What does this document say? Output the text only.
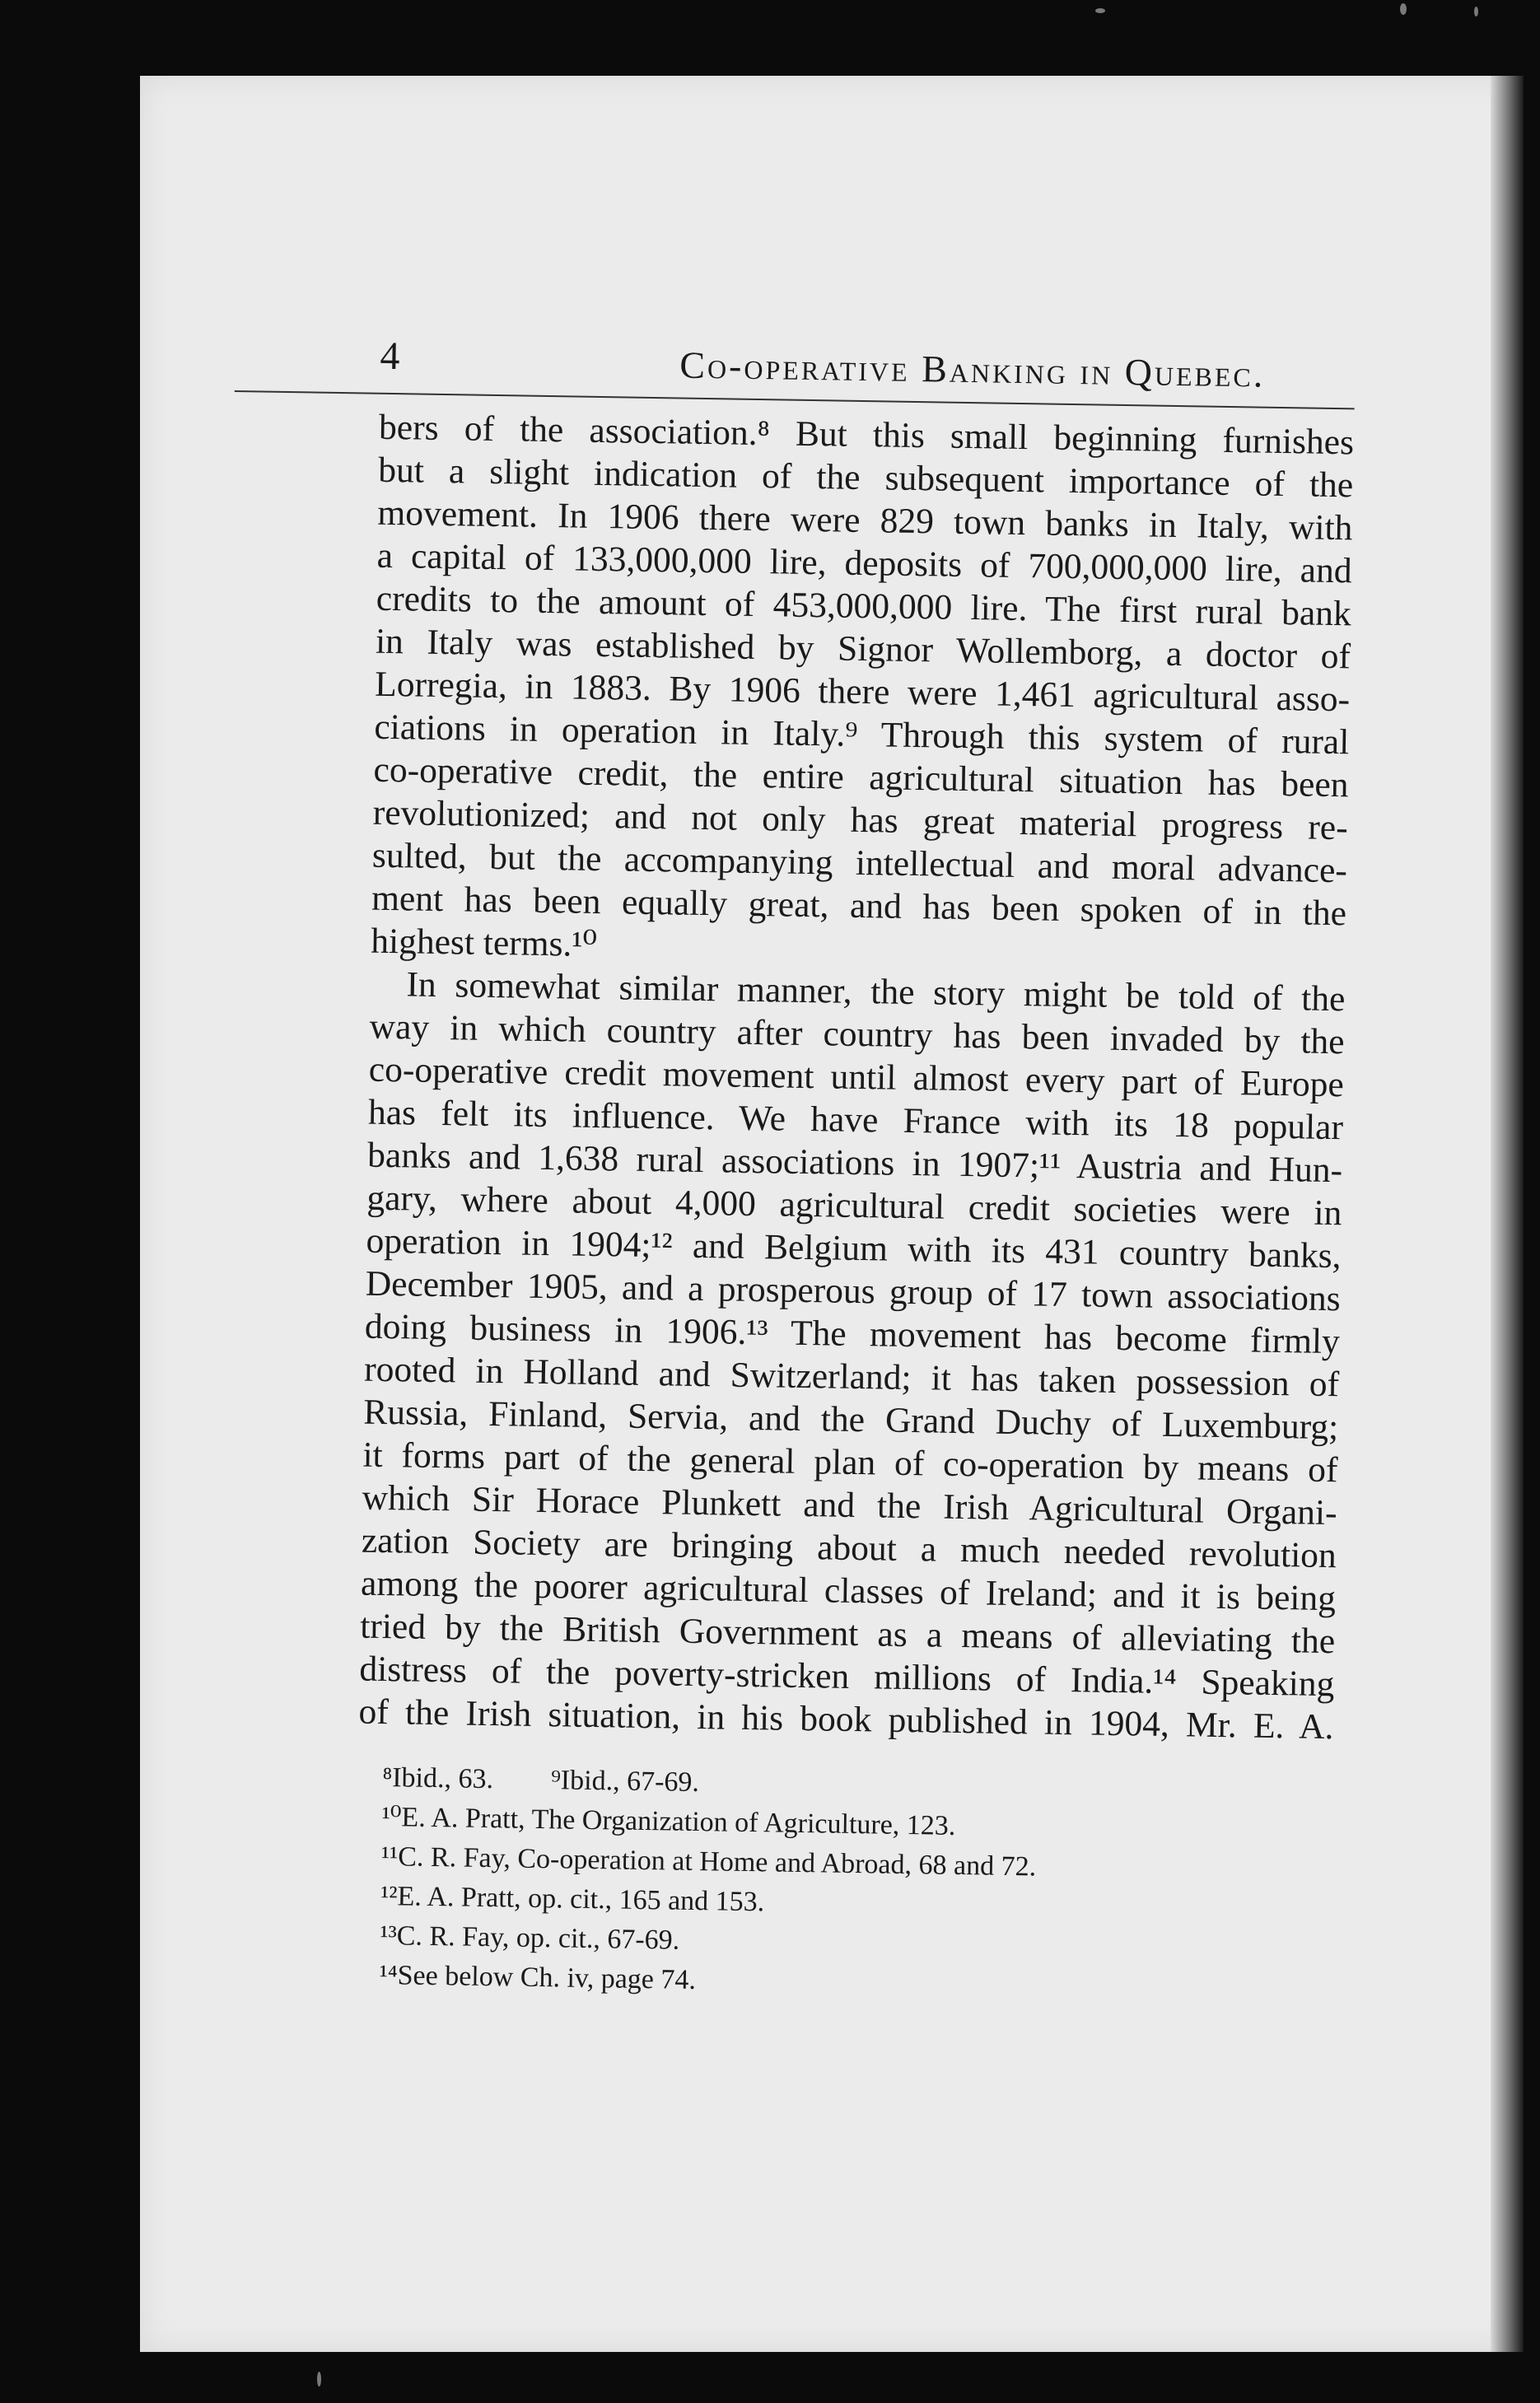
4	Co-operative Banking in Quebec.

bers of the association.⁸ But this small beginning furnishes

but a slight indication of the subsequent importance of the

movement. In 1906 there were 829 town banks in Italy, with

a capital of 133,000,000 lire, deposits of 700,000,000 lire, and

credits to the amount of 453,000,000 lire. The first rural bank

in Italy was established by Signor Wollemborg, a doctor of

Lorregia, in 1883. By 1906 there were 1,461 agricultural asso-

ciations in operation in Italy.⁹ Through this system of rural

co-operative credit, the entire agricultural situation has been

revolutionized; and not only has great material progress re-

sulted, but the accompanying intellectual and moral advance-

ment has been equally great, and has been spoken of in the

highest terms.¹⁰

In somewhat similar manner, the story might be told of the

way in which country after country has been invaded by the

co-operative credit movement until almost every part of Europe

has felt its influence. We have France with its 18 popular

banks and 1,638 rural associations in 1907;¹¹ Austria and Hun-

gary, where about 4,000 agricultural credit societies were in

operation in 1904;¹² and Belgium with its 431 country banks,

December 1905, and a prosperous group of 17 town associations

doing business in 1906.¹³ The movement has become firmly

rooted in Holland and Switzerland; it has taken possession of

Russia, Finland, Servia, and the Grand Duchy of Luxemburg;

it forms part of the general plan of co-operation by means of

which Sir Horace Plunkett and the Irish Agricultural Organi-

zation Society are bringing about a much needed revolution

among the poorer agricultural classes of Ireland; and it is being

tried by the British Government as a means of alleviating the

distress of the poverty-stricken millions of India.¹⁴ Speaking

of the Irish situation, in his book published in 1904, Mr. E. A.

⁸Ibid., 63. ⁹Ibid., 67-69.
¹⁰E. A. Pratt, The Organization of Agriculture, 123.
¹¹C. R. Fay, Co-operation at Home and Abroad, 68 and 72.
¹²E. A. Pratt, op. cit., 165 and 153.
¹³C. R. Fay, op. cit., 67-69.
¹⁴See below Ch. iv, page 74.
